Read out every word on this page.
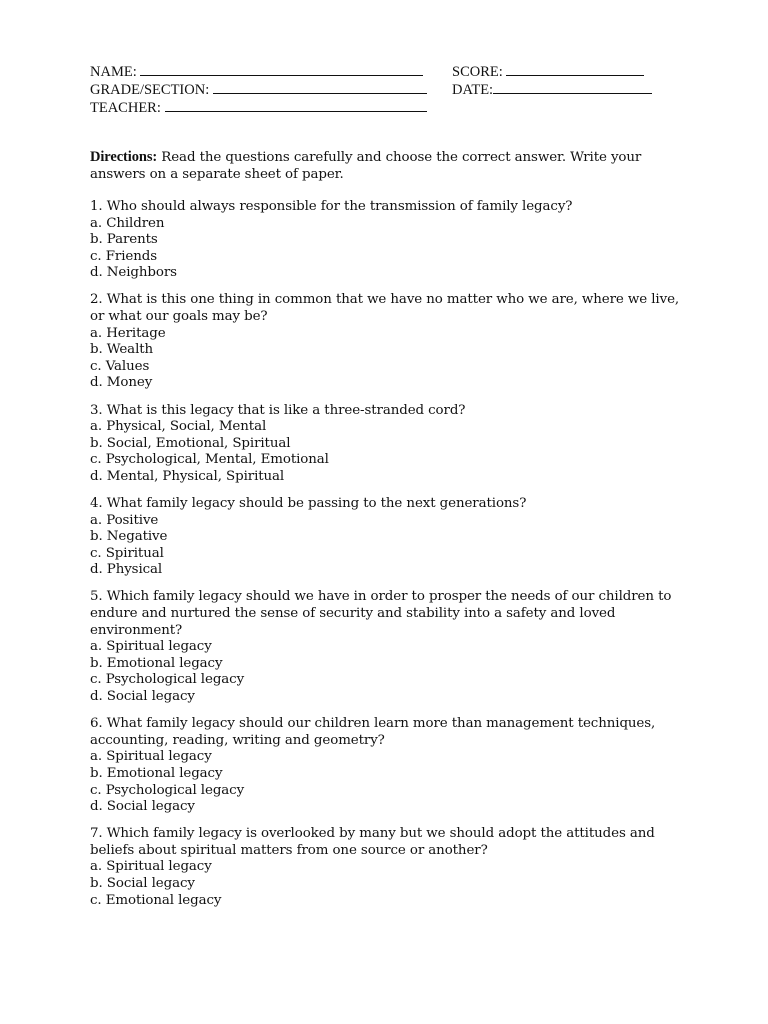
NAME:
GRADE/SECTION:
TEACHER:
SCORE:
DATE:
Directions: Read the questions carefully and choose the correct answer. Write your answers on a separate sheet of paper.
1. Who should always responsible for the transmission of family legacy?
a. Children
b. Parents
c. Friends
d. Neighbors
2. What is this one thing in common that we have no matter who we are, where we live, or what our goals may be?
a. Heritage
b. Wealth
c. Values
d. Money
3. What is this legacy that is like a three-stranded cord?
a. Physical, Social, Mental
b. Social, Emotional, Spiritual
c. Psychological, Mental, Emotional
d. Mental, Physical, Spiritual
4. What family legacy should be passing to the next generations?
a. Positive
b. Negative
c. Spiritual
d. Physical
5. Which family legacy should we have in order to prosper the needs of our children to endure and nurtured the sense of security and stability into a safety and loved environment?
a. Spiritual legacy
b. Emotional legacy
c. Psychological legacy
d. Social legacy
6. What family legacy should our children learn more than management techniques, accounting, reading, writing and geometry?
a. Spiritual legacy
b. Emotional legacy
c. Psychological legacy
d. Social legacy
7. Which family legacy is overlooked by many but we should adopt the attitudes and beliefs about spiritual matters from one source or another?
a. Spiritual legacy
b. Social legacy
c. Emotional legacy
